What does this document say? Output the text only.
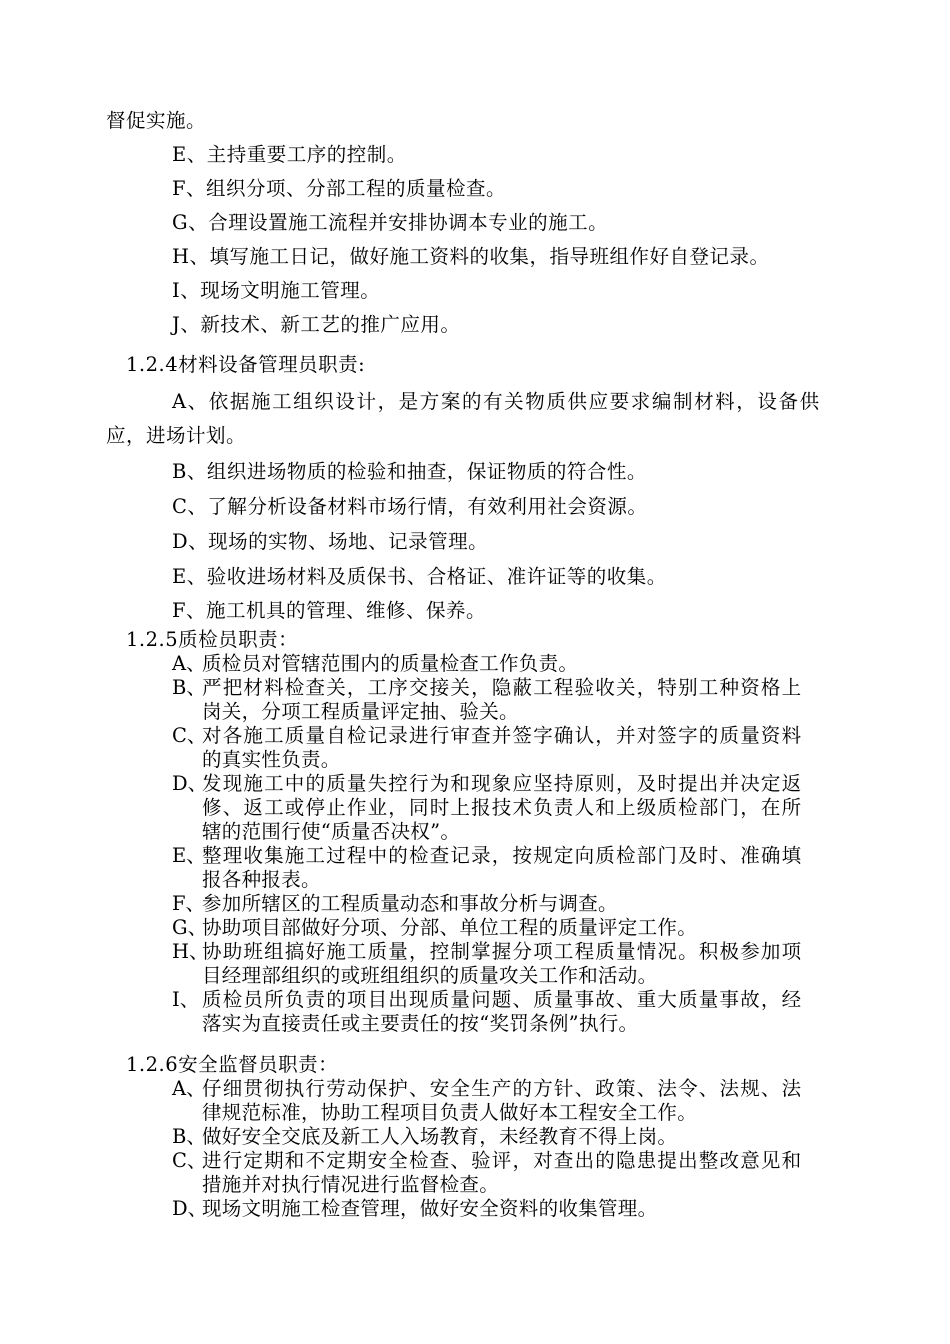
督促实施。
E、主持重要工序的控制。
F、组织分项、分部工程的质量检查。
G、合理设置施工流程并安排协调本专业的施工。
H、填写施工日记，做好施工资料的收集，指导班组作好自登记录。
I、现场文明施工管理。
J、新技术、新工艺的推广应用。
1.2.4材料设备管理员职责:
A、依据施工组织设计，是方案的有关物质供应要求编制材料，设备供
应，进场计划。
B、组织进场物质的检验和抽查，保证物质的符合性。
C、了解分析设备材料市场行情，有效利用社会资源。
D、现场的实物、场地、记录管理。
E、验收进场材料及质保书、合格证、准许证等的收集。
F、施工机具的管理、维修、保养。
1.2.5质检员职责：
A、
质检员对管辖范围内的质量检查工作负责。
B、
严把材料检查关，工序交接关，隐蔽工程验收关，特别工种资格上
岗关，分项工程质量评定抽、验关。
C、
对各施工质量自检记录进行审查并签字确认，并对签字的质量资料
的真实性负责。
D、
发现施工中的质量失控行为和现象应坚持原则，及时提出并决定返
修、返工或停止作业，同时上报技术负责人和上级质检部门，在所
辖的范围行使“质量否决权”。
E、
整理收集施工过程中的检查记录，按规定向质检部门及时、准确填
报各种报表。
F、
参加所辖区的工程质量动态和事故分析与调查。
G、
协助项目部做好分项、分部、单位工程的质量评定工作。
H、
协助班组搞好施工质量，控制掌握分项工程质量情况。积极参加项
目经理部组织的或班组组织的质量攻关工作和活动。
I、 质检员所负责的项目出现质量问题、质量事故、重大质量事故，经
落实为直接责任或主要责任的按“奖罚条例”执行。
1.2.6安全监督员职责：
A、
仔细贯彻执行劳动保护、安全生产的方针、政策、法令、法规、法
律规范标准，协助工程项目负责人做好本工程安全工作。
B、
做好安全交底及新工人入场教育，未经教育不得上岗。
C、
进行定期和不定期安全检查、验评，对查出的隐患提出整改意见和
措施并对执行情况进行监督检查。
D、
现场文明施工检查管理，做好安全资料的收集管理。
